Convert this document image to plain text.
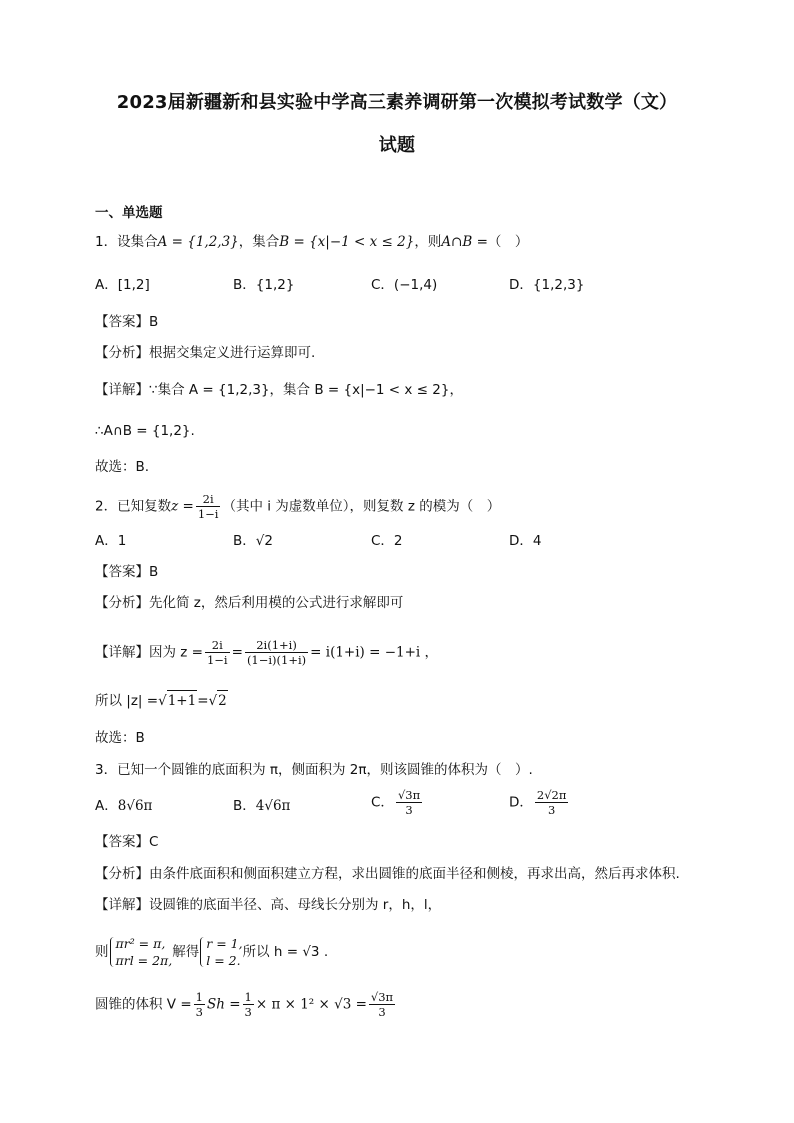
2023届新疆新和县实验中学高三素养调研第一次模拟考试数学（文）
试题
一、单选题
1．设集合A = {1,2,3}，集合B = {x|−1 < x ≤ 2}，则A∩B =（　）
A．[1,2]	B．{1,2}	C．(−1,4)	D．{1,2,3}
【答案】B
【分析】根据交集定义进行运算即可.
【详解】∵集合 A = {1,2,3}，集合 B = {x|−1 < x ≤ 2}，
∴A∩B = {1,2}.
故选：B.
2．已知复数$z = \frac{2i}{1-i}$ （其中 i 为虚数单位），则复数 z 的模为（　）
A．1	B．√2	C．2	D．4
【答案】B
【分析】先化简 z，然后利用模的公式进行求解即可
【详解】因为 $z = \frac{2i}{1-i} = \frac{2i(1+i)}{(1-i)(1+i)} = i(1+i) = -1+i$ ，
所以 |z| =√1+1=√2
故选：B
3．已知一个圆锥的底面积为 π，侧面积为 2π，则该圆锥的体积为（　）.
A．8√6π	B．4√6π	C． $\frac{√3\pi}{3}$	D． $\frac{2√2\pi}{3}$
【答案】C
【分析】由条件底面积和侧面积建立方程，求出圆锥的底面半径和侧棱，再求出高，然后再求体积.
【详解】设圆锥的底面半径、高、母线长分别为 r，h，l，
则
πr² = π,
πrl = 2π,
解得
r = 1,
l = 2.
所以 h = √3 .
圆锥的体积 $V = \frac{1}{3}$ $Sh = \frac{1}{3} \times \pi \times 1^2 \times √3 = \frac{√3\pi}{3}$
